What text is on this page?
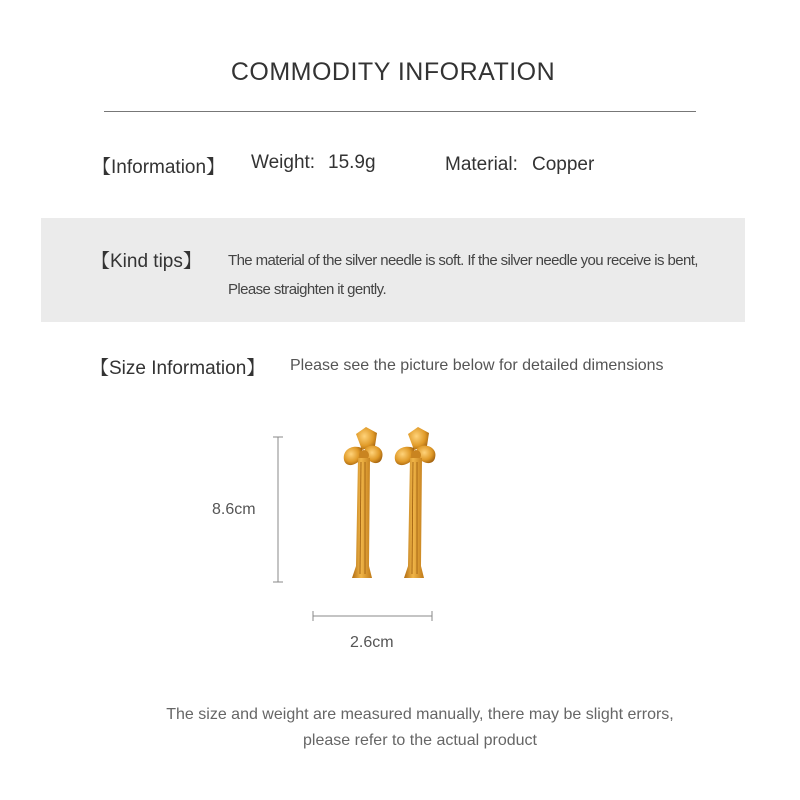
COMMODITY INFORATION
【Information】 Weight: 15.9g	Material: Copper
【Kind tips】 The material of the silver needle is soft. If the silver needle you receive is bent,
Please straighten it gently.
【Size Information】 Please see the picture below for detailed dimensions
8.6cm
2.6cm
The size and weight are measured manually, there may be slight errors,
please refer to the actual product
